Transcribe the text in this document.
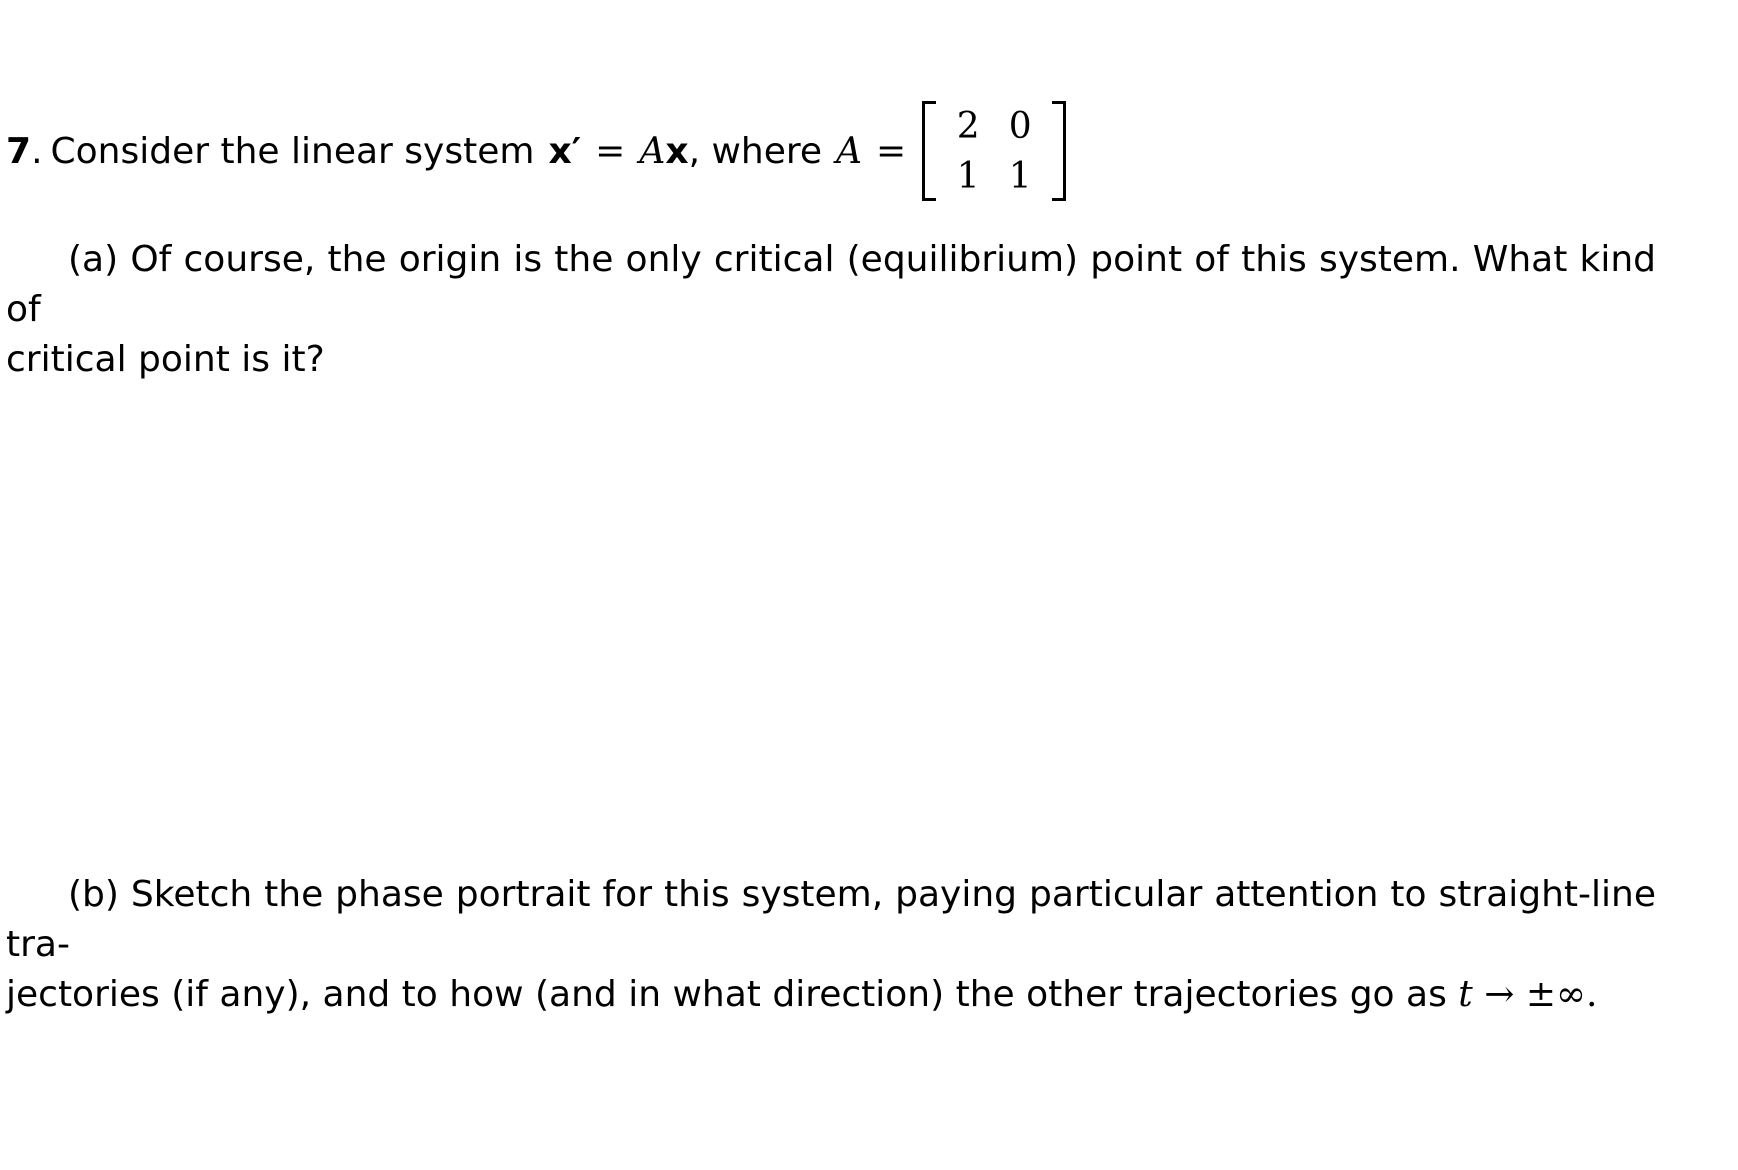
7 . Consider the linear system x′ = A x , where A =
2 0
1 1
(a) Of course, the origin is the only critical (equilibrium) point of this system. What kind of
critical point is it?
(b) Sketch the phase portrait for this system, paying particular attention to straight-line tra-
jectories (if any), and to how (and in what direction) the other trajectories go as t → ±∞.
